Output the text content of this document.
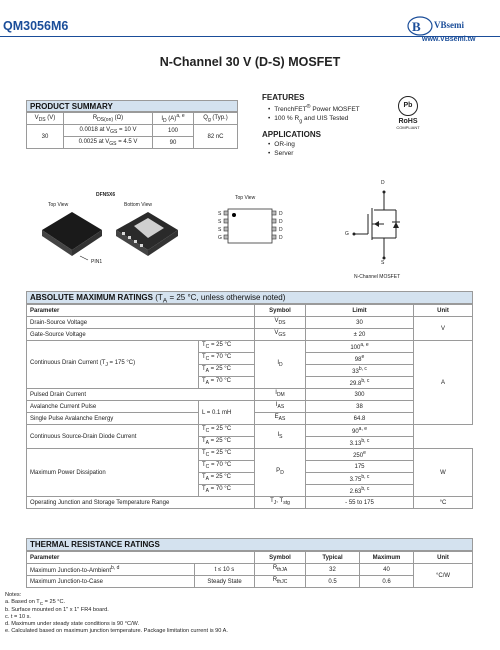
QM3056M6	B VBsemi
www.VBsemi.tw
N-Channel 30 V (D-S) MOSFET
PRODUCT SUMMARY
$V_{DS}$ (V)	$R_{DS(on)}$ (Ω)	$I_D$ $(A)^{a, e}$	$Q_g$ (Typ.)
30	0.0018 at $V_{GS} = 10$ V	100	82 nC
	0.0025 at $V_{GS} = 4.5$ V	90	
FEATURES
• TrenchFET® Power MOSFET
• 100 % $R_g$ and UIS Tested
APPLICATIONS
• OR-ing
• Server
Pb
RoHS
COMPLIANT
DFN5X6
Top View	Bottom View
PIN1
Top View
S
S
S
G
D
D
D
D
D
G
S
N-Channel MOSFET
ABSOLUTE MAXIMUM RATINGS ($T_A = 25$ °C, unless otherwise noted)
Parameter		Symbol	Limit	Unit
Drain-Source Voltage		$V_{DS}$	30	V
Gate-Source Voltage		$V_{GS}$	± 20	
Continuous Drain Current ($T_J = 175$ °C)	$T_C = 25$ °C	$I_D$	100$^{a, e}$	A
	$T_C = 70$ °C		98e
	$T_A = 25$ °C		33$^{b, c}$
	$T_A = 70$ °C		29.8$^{b, c}$
Pulsed Drain Current		$I_{DM}$	300	
Avalanche Current Pulse	L = 0.1 mH	$I_{AS}$	38	
Single Pulse Avalanche Energy		$E_{AS}$	64.8	
Continuous Source-Drain Diode Current	$T_C = 25$ °C	$I_S$	90$^{a, e}$
	$T_A = 25$ °C		3.13$^{b, c}$
Maximum Power Dissipation	$T_C = 25$ °C	$P_D$	250e	W
	$T_C = 70$ °C		175	
	$T_A = 25$ °C		3.75$^{b, c}$
	$T_A = 70$ °C		2.63$^{b, c}$
Operating Junction and Storage Temperature Range		$T_J$, $T_{stg}$	- 55 to 175	°C
THERMAL RESISTANCE RATINGS
Parameter		Symbol	Typical	Maximum	Unit
Maximum Junction-to-Ambient$^{b, d}$	t ≤ 10 s	$R_{thJA}$	32	40	°C/W
Maximum Junction-to-Case	Steady State	$R_{thJC}$	0.5	0.6	
Notes:
a. Based on $T_C = 25$ °C.
b. Surface mounted on 1" x 1" FR4 board.
c. t = 10 s.
d. Maximum under steady state conditions is 90 °C/W.
e. Calculated based on maximum junction temperature. Package limitation current is 90 A.
